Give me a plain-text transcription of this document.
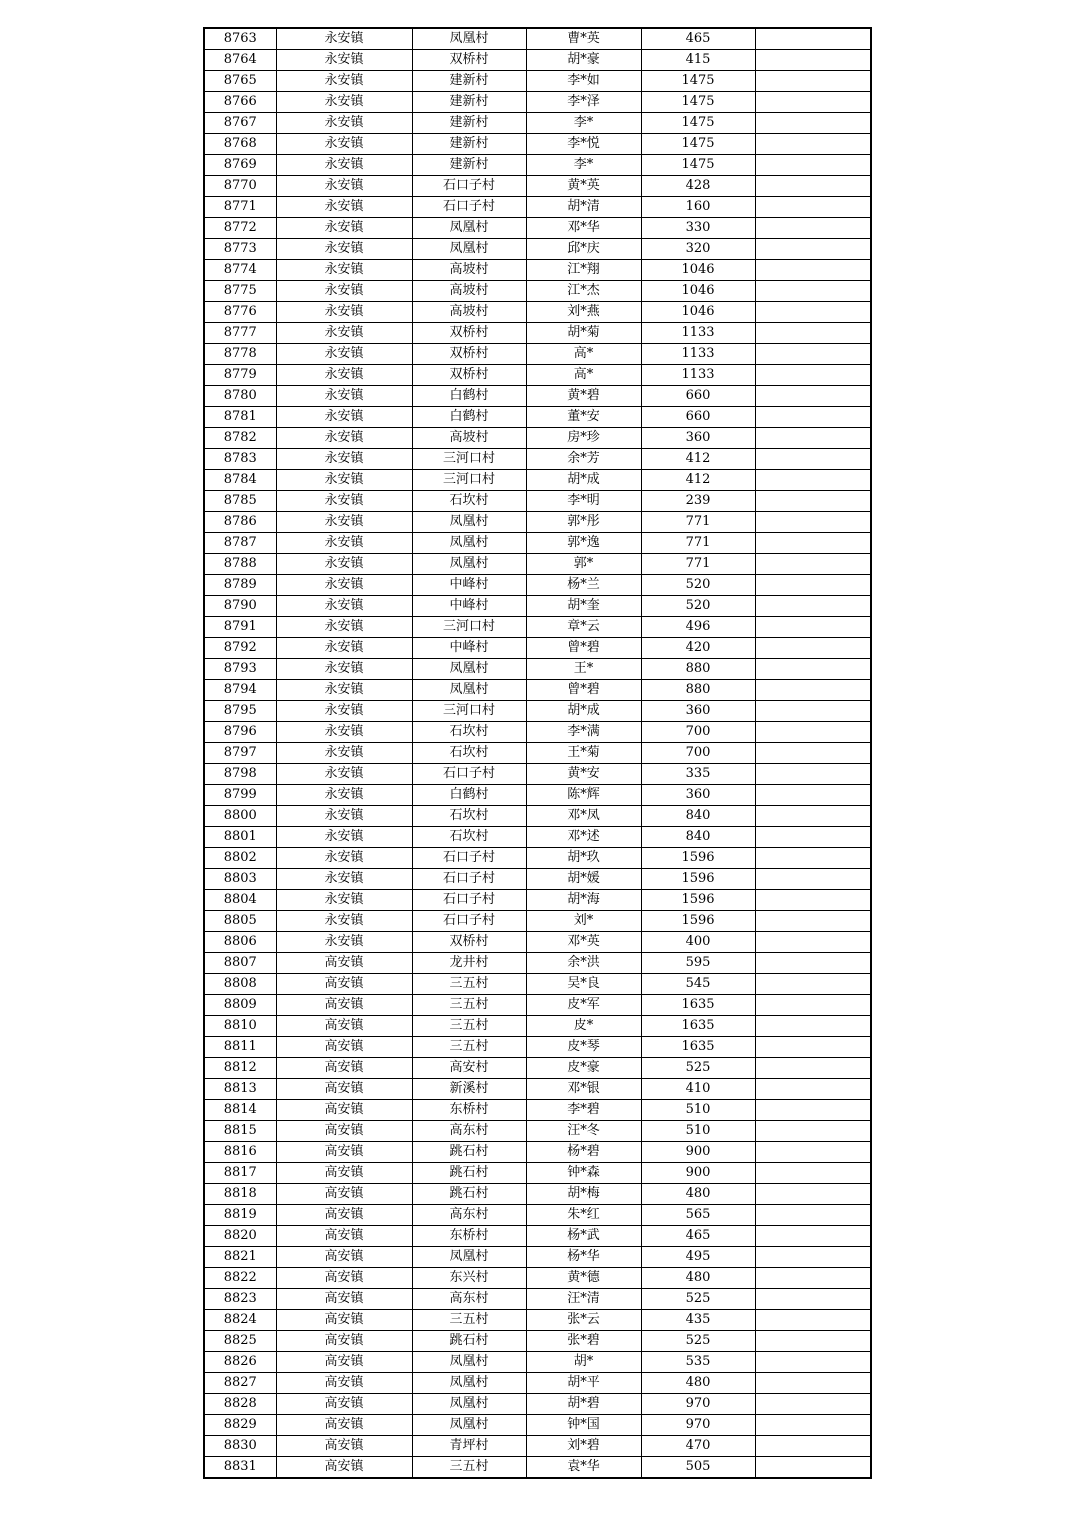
8763	永安镇	凤凰村	曹*英	465	
8764	永安镇	双桥村	胡*豪	415	
8765	永安镇	建新村	李*如	1475	
8766	永安镇	建新村	李*泽	1475	
8767	永安镇	建新村	李*	1475	
8768	永安镇	建新村	李*悦	1475	
8769	永安镇	建新村	李*	1475	
8770	永安镇	石口子村	黄*英	428	
8771	永安镇	石口子村	胡*清	160	
8772	永安镇	凤凰村	邓*华	330	
8773	永安镇	凤凰村	邱*庆	320	
8774	永安镇	高坡村	江*翔	1046	
8775	永安镇	高坡村	江*杰	1046	
8776	永安镇	高坡村	刘*燕	1046	
8777	永安镇	双桥村	胡*菊	1133	
8778	永安镇	双桥村	高*	1133	
8779	永安镇	双桥村	高*	1133	
8780	永安镇	白鹤村	黄*碧	660	
8781	永安镇	白鹤村	董*安	660	
8782	永安镇	高坡村	房*珍	360	
8783	永安镇	三河口村	余*芳	412	
8784	永安镇	三河口村	胡*成	412	
8785	永安镇	石坎村	李*明	239	
8786	永安镇	凤凰村	郭*彤	771	
8787	永安镇	凤凰村	郭*逸	771	
8788	永安镇	凤凰村	郭*	771	
8789	永安镇	中峰村	杨*兰	520	
8790	永安镇	中峰村	胡*奎	520	
8791	永安镇	三河口村	章*云	496	
8792	永安镇	中峰村	曾*碧	420	
8793	永安镇	凤凰村	王*	880	
8794	永安镇	凤凰村	曾*碧	880	
8795	永安镇	三河口村	胡*成	360	
8796	永安镇	石坎村	李*满	700	
8797	永安镇	石坎村	王*菊	700	
8798	永安镇	石口子村	黄*安	335	
8799	永安镇	白鹤村	陈*辉	360	
8800	永安镇	石坎村	邓*凤	840	
8801	永安镇	石坎村	邓*述	840	
8802	永安镇	石口子村	胡*玖	1596	
8803	永安镇	石口子村	胡*媛	1596	
8804	永安镇	石口子村	胡*海	1596	
8805	永安镇	石口子村	刘*	1596	
8806	永安镇	双桥村	邓*英	400	
8807	高安镇	龙井村	余*洪	595	
8808	高安镇	三五村	吴*良	545	
8809	高安镇	三五村	皮*军	1635	
8810	高安镇	三五村	皮*	1635	
8811	高安镇	三五村	皮*琴	1635	
8812	高安镇	高安村	皮*豪	525	
8813	高安镇	新溪村	邓*银	410	
8814	高安镇	东桥村	李*碧	510	
8815	高安镇	高东村	汪*冬	510	
8816	高安镇	跳石村	杨*碧	900	
8817	高安镇	跳石村	钟*森	900	
8818	高安镇	跳石村	胡*梅	480	
8819	高安镇	高东村	朱*红	565	
8820	高安镇	东桥村	杨*武	465	
8821	高安镇	凤凰村	杨*华	495	
8822	高安镇	东兴村	黄*德	480	
8823	高安镇	高东村	汪*清	525	
8824	高安镇	三五村	张*云	435	
8825	高安镇	跳石村	张*碧	525	
8826	高安镇	凤凰村	胡*	535	
8827	高安镇	凤凰村	胡*平	480	
8828	高安镇	凤凰村	胡*碧	970	
8829	高安镇	凤凰村	钟*国	970	
8830	高安镇	青坪村	刘*碧	470	
8831	高安镇	三五村	袁*华	505	
